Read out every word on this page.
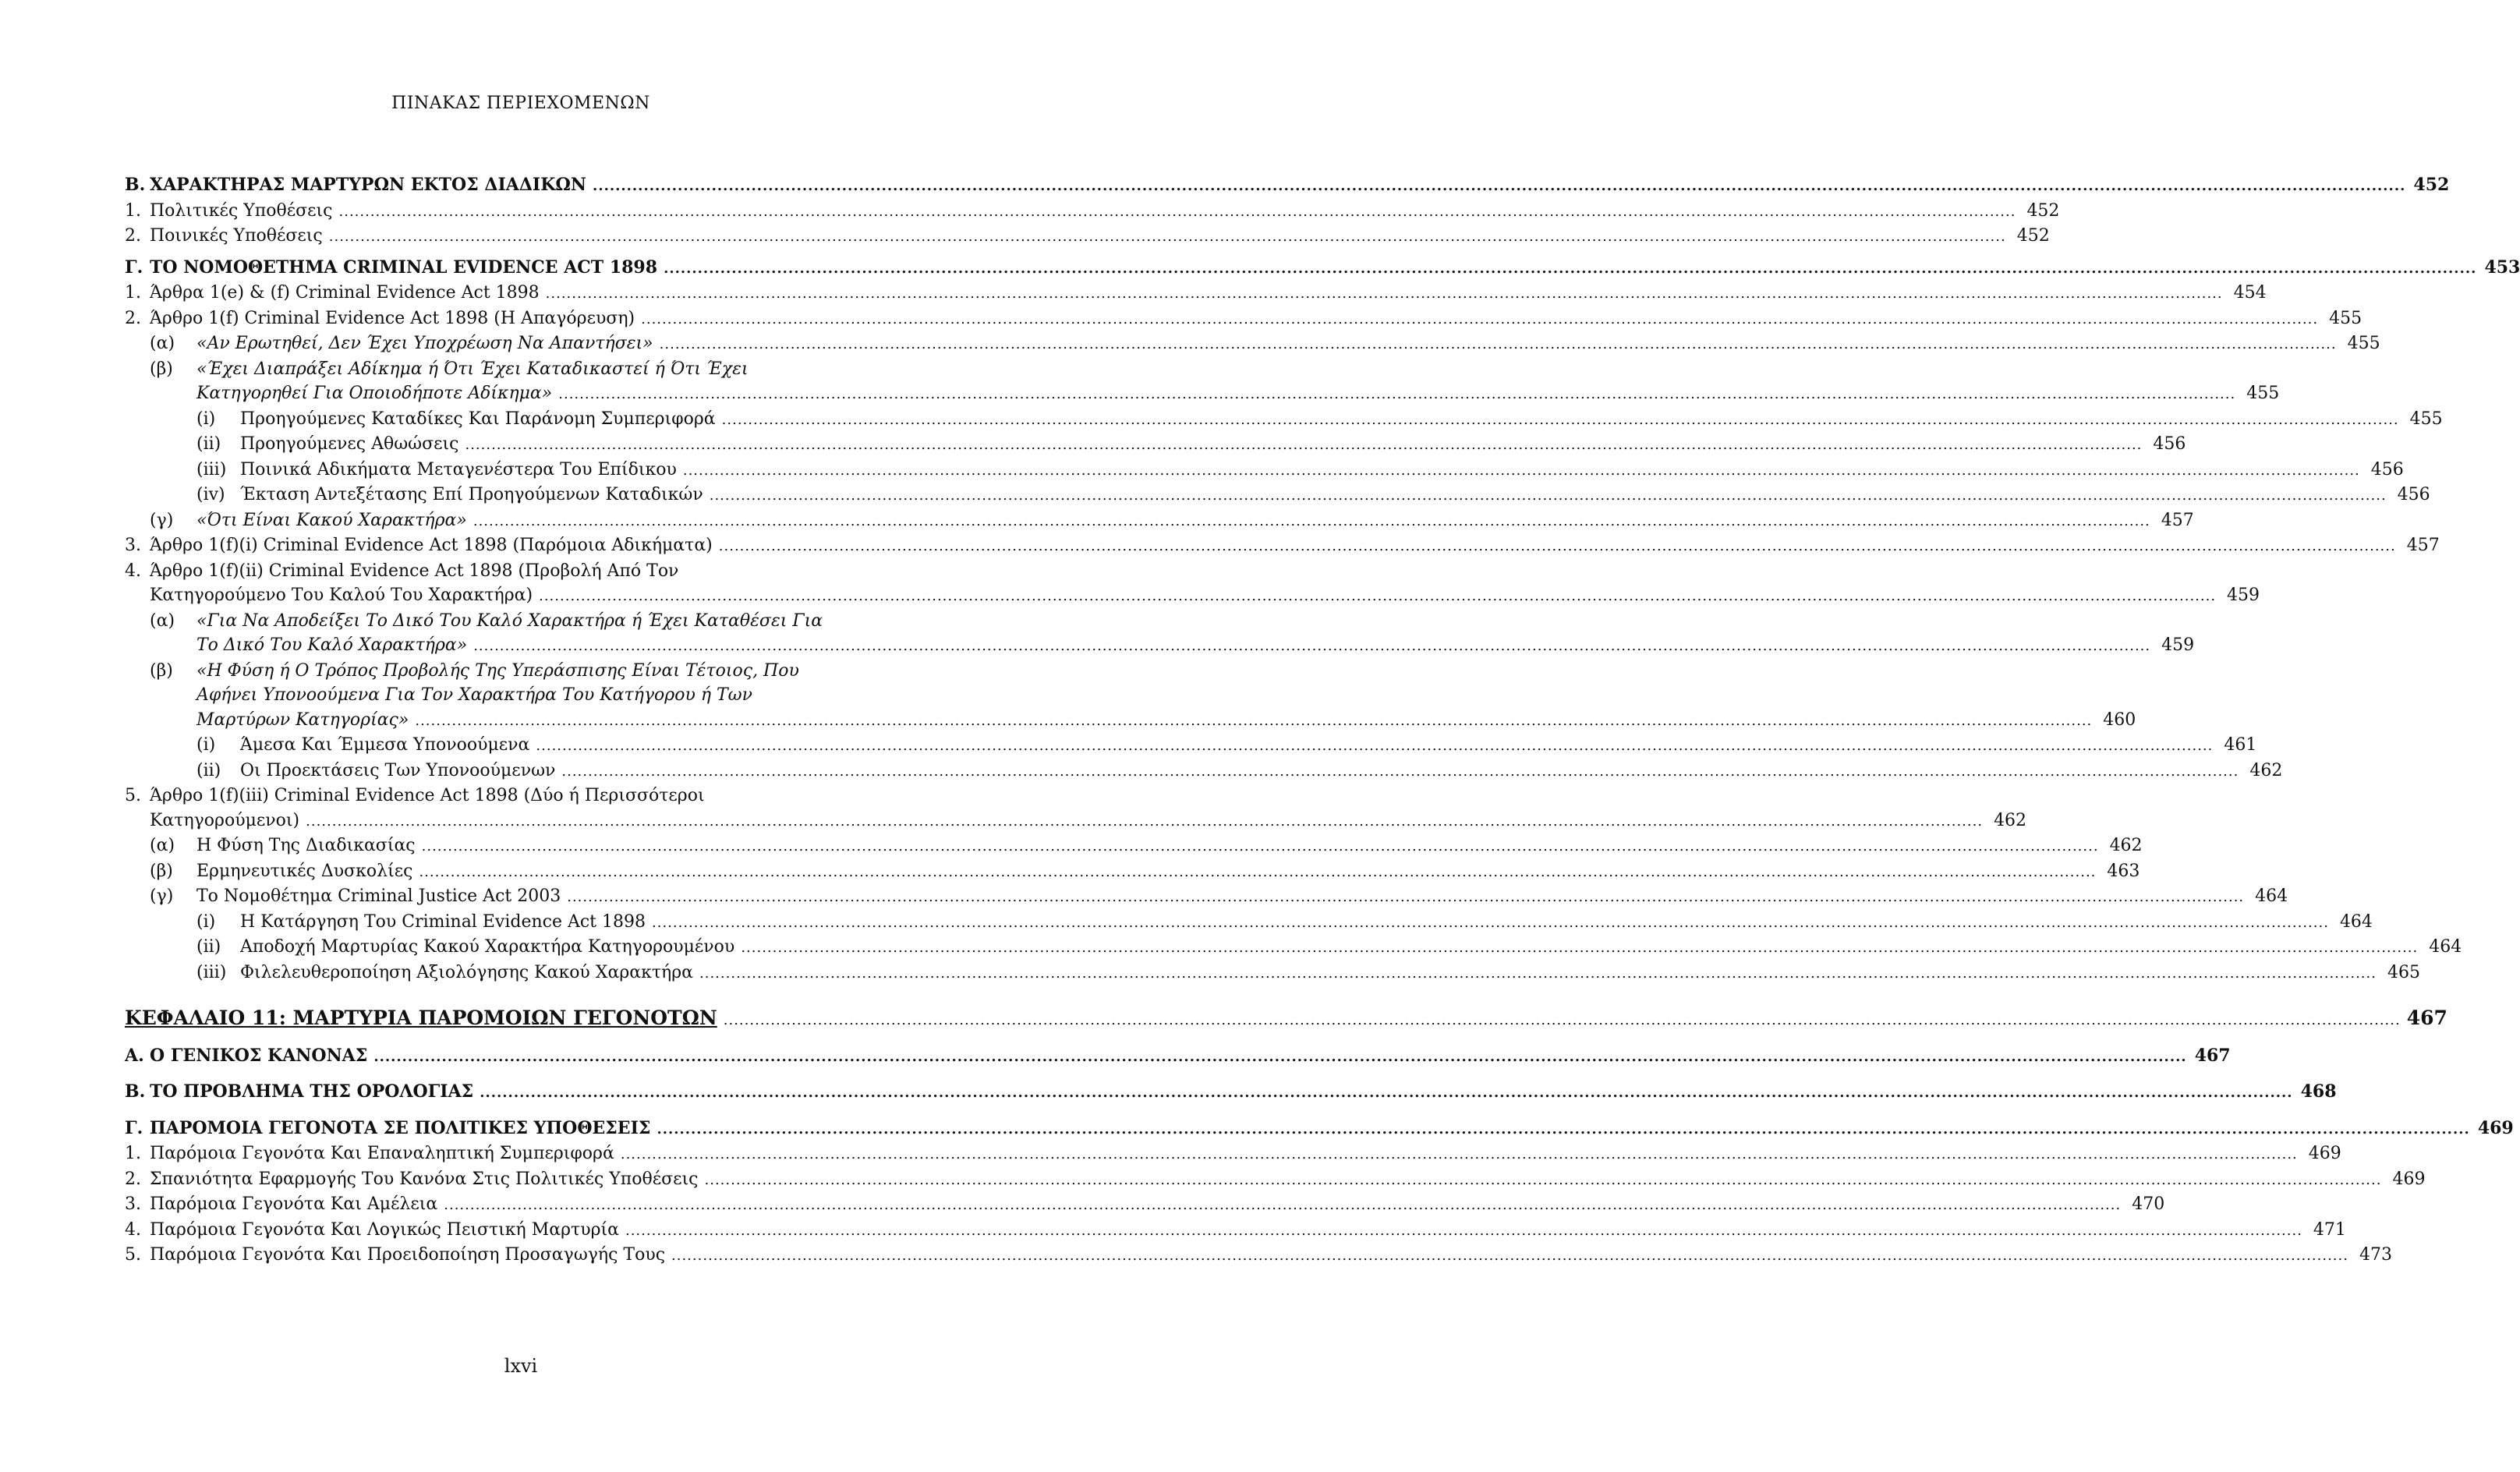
ΠΙΝΑΚΑΣ ΠΕΡΙΕΧΟΜΕΝΩΝ
Β. ΧΑΡΑΚΤΗΡΑΣ ΜΑΡΤΥΡΩΝ ΕΚΤΟΣ ΔΙΑΔΙΚΩΝ .....	452
1. Πολιτικές Υποθέσεις .....	452
2. Ποινικές Υποθέσεις .....	452
Γ. ΤΟ ΝΟΜΟΘΕΤΗΜΑ CRIMINAL EVIDENCE ACT 1898 .....	453
1. Άρθρα 1(e) & (f) Criminal Evidence Act 1898 .....	454
2. Άρθρο 1(f) Criminal Evidence Act 1898 (Η Απαγόρευση) .....	455
(α)	«Αν Ερωτηθεί, Δεν Έχει Υποχρέωση Να Απαντήσει» .....	455
(β)	«Έχει Διαπράξει Αδίκημα ή Ότι Έχει Καταδικαστεί ή Ότι Έχει
Κατηγορηθεί Για Οποιοδήποτε Αδίκημα» .....	455
(i)	Προηγούμενες Καταδίκες Και Παράνομη Συμπεριφορά .....	455
(ii)	Προηγούμενες Αθωώσεις .....	456
(iii) Ποινικά Αδικήματα Μεταγενέστερα Του Επίδικου .....	456
(iv) Έκταση Αντεξέτασης Επί Προηγούμενων Καταδικών .....	456
(γ)	«Ότι Είναι Κακού Χαρακτήρα» .....	457
3. Άρθρο 1(f)(i) Criminal Evidence Act 1898 (Παρόμοια Αδικήματα) .....	457
4. Άρθρο 1(f)(ii) Criminal Evidence Act 1898 (Προβολή Από Τον
Κατηγορούμενο Του Καλού Του Χαρακτήρα) .....	459
(α)	«Για Να Αποδείξει Το Δικό Του Καλό Χαρακτήρα ή Έχει Καταθέσει Για
Το Δικό Του Καλό Χαρακτήρα» .....	459
(β)	«Η Φύση ή Ο Τρόπος Προβολής Της Υπεράσπισης Είναι Τέτοιος, Που
Αφήνει Υπονοούμενα Για Τον Χαρακτήρα Του Κατήγορου ή Των
Μαρτύρων Κατηγορίας» .....	460
(i)	Άμεσα Και Έμμεσα Υπονοούμενα .....	461
(ii)	Οι Προεκτάσεις Των Υπονοούμενων .....	462
5. Άρθρο 1(f)(iii) Criminal Evidence Act 1898 (Δύο ή Περισσότεροι
Κατηγορούμενοι) .....	462
(α)	Η Φύση Της Διαδικασίας .....	462
(β)	Ερμηνευτικές Δυσκολίες .....	463
(γ)	Το Νομοθέτημα Criminal Justice Act 2003 .....	464
(i)	Η Κατάργηση Του Criminal Evidence Act 1898 .....	464
(ii)	Αποδοχή Μαρτυρίας Κακού Χαρακτήρα Κατηγορουμένου .....	464
(iii) Φιλελευθεροποίηση Αξιολόγησης Κακού Χαρακτήρα .....	465
ΚΕΦΑΛΑΙΟ 11: ΜΑΡΤΥΡΙΑ ΠΑΡΟΜΟΙΩΝ ΓΕΓΟΝΟΤΩΝ .....	467
Α. Ο ΓΕΝΙΚΟΣ ΚΑΝΟΝΑΣ .....	467
Β. ΤΟ ΠΡΟΒΛΗΜΑ ΤΗΣ ΟΡΟΛΟΓΙΑΣ .....	468
Γ. ΠΑΡΟΜΟΙΑ ΓΕΓΟΝΟΤΑ ΣΕ ΠΟΛΙΤΙΚΕΣ ΥΠΟΘΕΣΕΙΣ .....	469
1. Παρόμοια Γεγονότα Και Επαναληπτική Συμπεριφορά .....	469
2. Σπανιότητα Εφαρμογής Του Κανόνα Στις Πολιτικές Υποθέσεις .....	469
3. Παρόμοια Γεγονότα Και Αμέλεια .....	470
4. Παρόμοια Γεγονότα Και Λογικώς Πειστική Μαρτυρία .....	471
5. Παρόμοια Γεγονότα Και Προειδοποίηση Προσαγωγής Τους .....	473
lxvi
